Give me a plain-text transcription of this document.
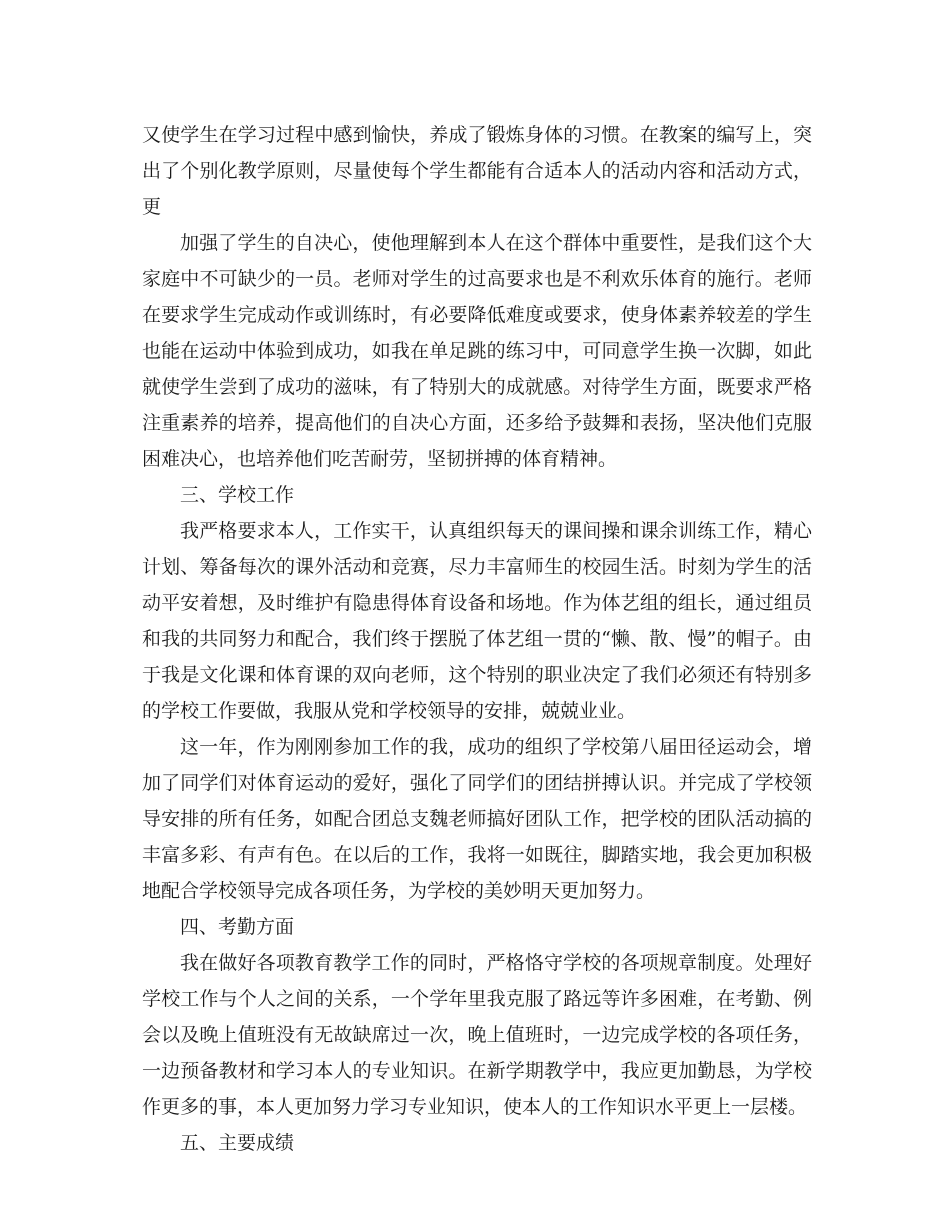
又使学生在学习过程中感到愉快，养成了锻炼身体的习惯。在教案的编写上，突出了个别化教学原则，尽量使每个学生都能有合适本人的活动内容和活动方式，更

加强了学生的自决心，使他理解到本人在这个群体中重要性，是我们这个大家庭中不可缺少的一员。老师对学生的过高要求也是不利欢乐体育的施行。老师在要求学生完成动作或训练时，有必要降低难度或要求，使身体素养较差的学生也能在运动中体验到成功，如我在单足跳的练习中，可同意学生换一次脚，如此就使学生尝到了成功的滋味，有了特别大的成就感。对待学生方面，既要求严格注重素养的培养，提高他们的自决心方面，还多给予鼓舞和表扬，坚决他们克服困难决心，也培养他们吃苦耐劳，坚韧拼搏的体育精神。

三、学校工作

我严格要求本人，工作实干，认真组织每天的课间操和课余训练工作，精心计划、筹备每次的课外活动和竞赛，尽力丰富师生的校园生活。时刻为学生的活动平安着想，及时维护有隐患得体育设备和场地。作为体艺组的组长，通过组员和我的共同努力和配合，我们终于摆脱了体艺组一贯的“懒、散、慢”的帽子。由于我是文化课和体育课的双向老师，这个特别的职业决定了我们必须还有特别多的学校工作要做，我服从党和学校领导的安排，兢兢业业。

这一年，作为刚刚参加工作的我，成功的组织了学校第八届田径运动会，增加了同学们对体育运动的爱好，强化了同学们的团结拼搏认识。并完成了学校领导安排的所有任务，如配合团总支魏老师搞好团队工作，把学校的团队活动搞的丰富多彩、有声有色。在以后的工作，我将一如既往，脚踏实地，我会更加积极地配合学校领导完成各项任务，为学校的美妙明天更加努力。

四、考勤方面

我在做好各项教育教学工作的同时，严格恪守学校的各项规章制度。处理好学校工作与个人之间的关系，一个学年里我克服了路远等许多困难，在考勤、例会以及晚上值班没有无故缺席过一次，晚上值班时，一边完成学校的各项任务，一边预备教材和学习本人的专业知识。在新学期教学中，我应更加勤恳，为学校作更多的事，本人更加努力学习专业知识，使本人的工作知识水平更上一层楼。

五、主要成绩
